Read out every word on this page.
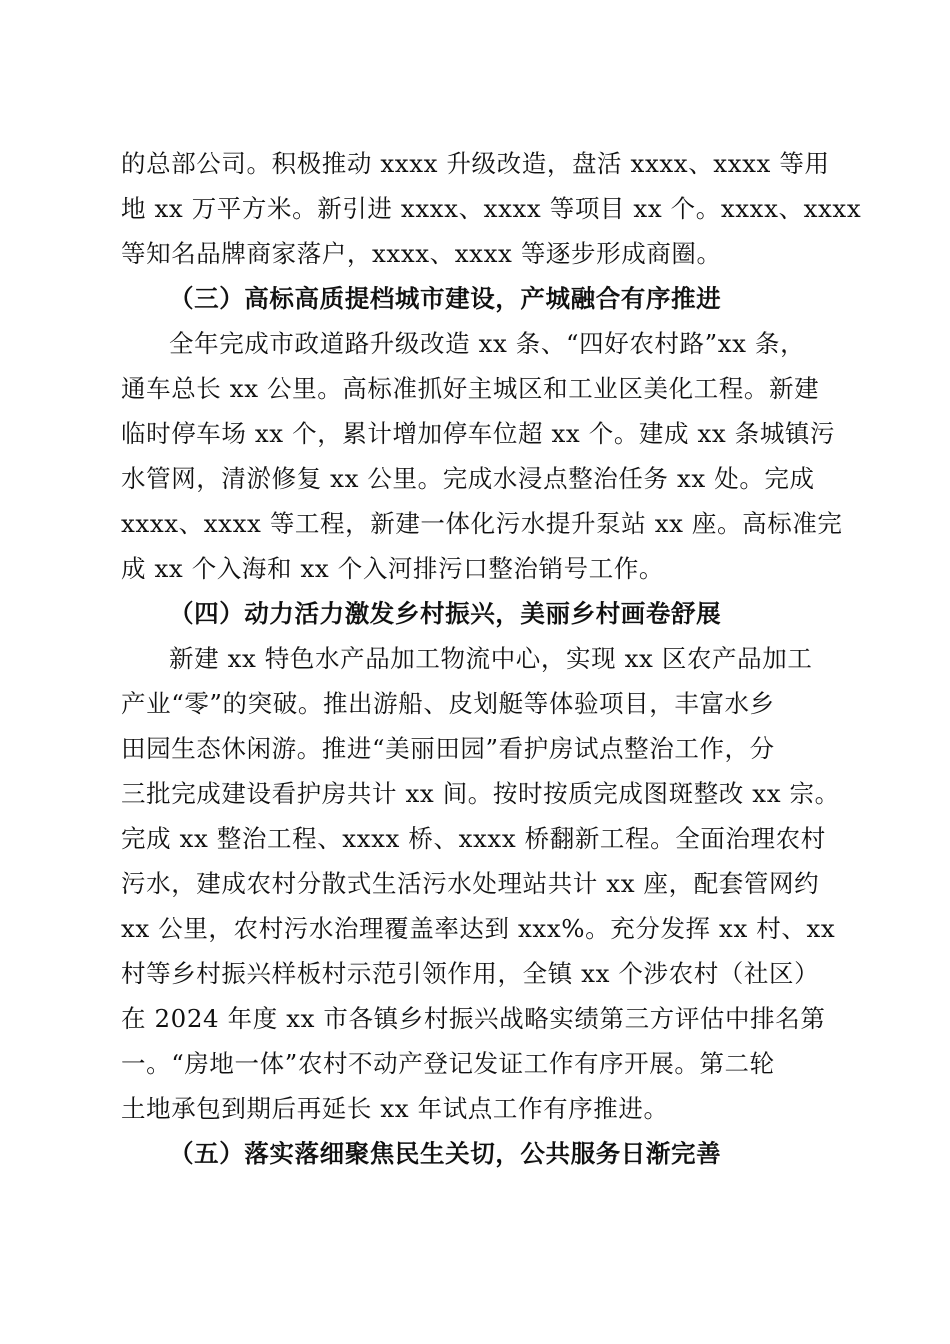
的总部公司。积极推动 xxxx 升级改造，盘活 xxxx、xxxx 等用
地 xx 万平方米。新引进 xxxx、xxxx 等项目 xx 个。xxxx、xxxx
等知名品牌商家落户，xxxx、xxxx 等逐步形成商圈。
（三）高标高质提档城市建设，产城融合有序推进
全年完成市政道路升级改造 xx 条、“四好农村路”xx 条，
通车总长 xx 公里。高标准抓好主城区和工业区美化工程。新建
临时停车场 xx 个，累计增加停车位超 xx 个。建成 xx 条城镇污
水管网，清淤修复 xx 公里。完成水浸点整治任务 xx 处。完成
xxxx、xxxx 等工程，新建一体化污水提升泵站 xx 座。高标准完
成 xx 个入海和 xx 个入河排污口整治销号工作。
（四）动力活力激发乡村振兴，美丽乡村画卷舒展
新建 xx 特色水产品加工物流中心，实现 xx 区农产品加工
产业“零”的突破。推出游船、皮划艇等体验项目，丰富水乡
田园生态休闲游。推进“美丽田园”看护房试点整治工作，分
三批完成建设看护房共计 xx 间。按时按质完成图斑整改 xx 宗。
完成 xx 整治工程、xxxx 桥、xxxx 桥翻新工程。全面治理农村
污水，建成农村分散式生活污水处理站共计 xx 座，配套管网约
xx 公里，农村污水治理覆盖率达到 xxx%。充分发挥 xx 村、xx
村等乡村振兴样板村示范引领作用，全镇 xx 个涉农村（社区）
在 2024 年度 xx 市各镇乡村振兴战略实绩第三方评估中排名第
一。“房地一体”农村不动产登记发证工作有序开展。第二轮
土地承包到期后再延长 xx 年试点工作有序推进。
（五）落实落细聚焦民生关切，公共服务日渐完善
